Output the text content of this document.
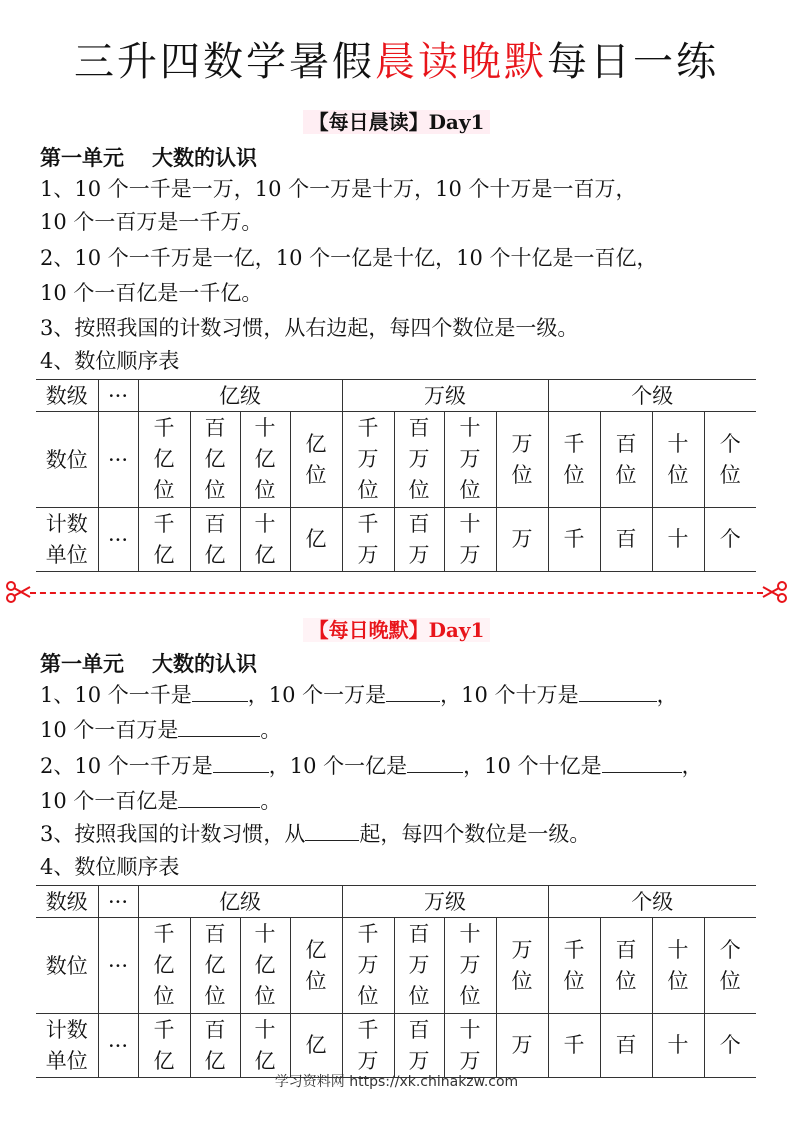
三升四数学暑假晨读晚默每日一练
【每日晨读】Day1
第一单元 大数的认识
1、10 个一千是一万，10 个一万是十万，10 个十万是一百万，
10 个一百万是一千万。
2、10 个一千万是一亿，10 个一亿是十亿，10 个十亿是一百亿，
10 个一百亿是一千亿。
3、按照我国的计数习惯，从右边起，每四个数位是一级。
4、数位顺序表
数级	···	亿级				万级				个级			
数位	···	千
亿
位	百
亿
位	十
亿
位	亿
位	千
万
位	百
万
位	十
万
位	万
位	千
位	百
位	十
位	个
位

计数
单位	···	千
亿	百
亿	十
亿	亿	千
万	百
万	十
万	万	千	百	十	个
【每日晚默】Day1
第一单元 大数的认识
1、10 个一千是	，10 个一万是	，10 个十万是	，
10 个一百万是	。
2、10 个一千万是	，10 个一亿是	，10 个十亿是	，
10 个一百亿是	。
3、按照我国的计数习惯，从	起，每四个数位是一级。
4、数位顺序表
数级	···	亿级				万级				个级			
数位	···	千
亿
位	百
亿
位	十
亿
位	亿
位	千
万
位	百
万
位	十
万
位	万
位	千
位	百
位	十
位	个
位

计数
单位	···	千
亿	百
亿	十
亿	亿	千
万	百
万	十
万	万	千	百	十	个
学习资料网 https://xk.chinakzw.com
